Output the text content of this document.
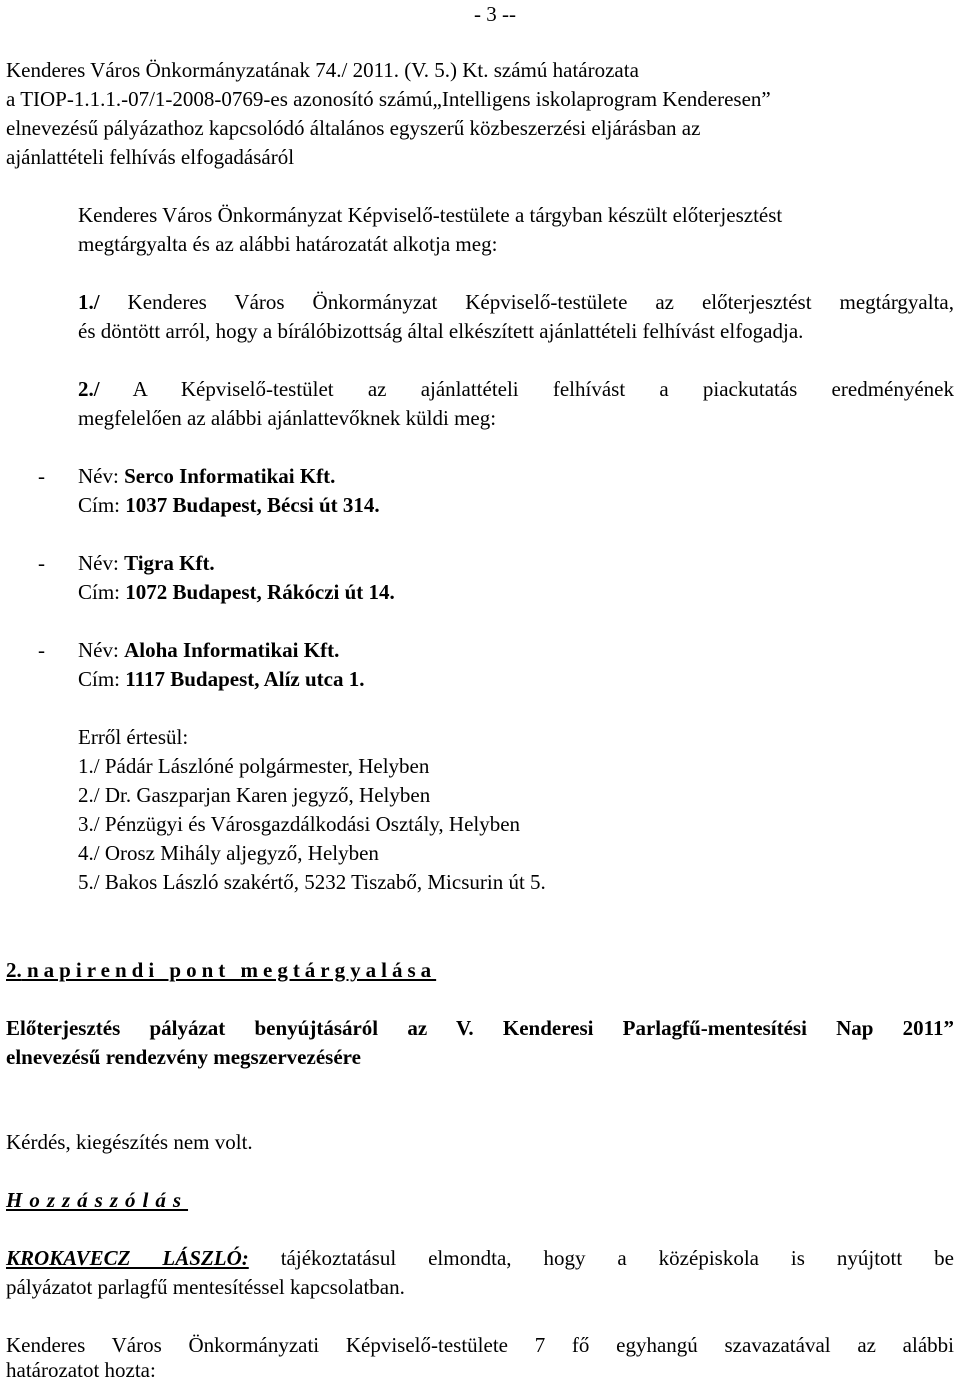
- 3 --
Kenderes Város Önkormányzatának 74./ 2011. (V. 5.) Kt. számú határozata
a TIOP-1.1.1.-07/1-2008-0769-es azonosító számú„Intelligens iskolaprogram Kenderesen”
elnevezésű pályázathoz kapcsolódó általános egyszerű közbeszerzési eljárásban az
ajánlattételi felhívás elfogadásáról
Kenderes Város Önkormányzat Képviselő-testülete a tárgyban készült előterjesztést
megtárgyalta és az alábbi határozatát alkotja meg:
1./ Kenderes Város Önkormányzat Képviselő-testülete az előterjesztést megtárgyalta,
és döntött arról, hogy a bírálóbizottság által elkészített ajánlattételi felhívást elfogadja.
2./ A Képviselő-testület az ajánlattételi felhívást a piackutatás eredményének
megfelelően az alábbi ajánlattevőknek küldi meg:
- Név: Serco Informatikai Kft.
Cím: 1037 Budapest, Bécsi út 314.
- Név: Tigra Kft.
Cím: 1072 Budapest, Rákóczi út 14.
- Név: Aloha Informatikai Kft.
Cím: 1117 Budapest, Alíz utca 1.
Erről értesül:
1./ Pádár Lászlóné polgármester, Helyben
2./ Dr. Gaszparjan Karen jegyző, Helyben
3./ Pénzügyi és Városgazdálkodási Osztály, Helyben
4./ Orosz Mihály aljegyző, Helyben
5./ Bakos László szakértő, 5232 Tiszabő, Micsurin út 5.
2. napirendi pont megtárgyalása
Előterjesztés pályázat benyújtásáról az V. Kenderesi Parlagfű-mentesítési Nap 2011”
elnevezésű rendezvény megszervezésére
Kérdés, kiegészítés nem volt.
Hozzászólás
KROKAVECZ LÁSZLÓ: tájékoztatásul elmondta, hogy a középiskola is nyújtott be
pályázatot parlagfű mentesítéssel kapcsolatban.
Kenderes Város Önkormányzati Képviselő-testülete 7 fő egyhangú szavazatával az alábbi
határozatot hozta:
